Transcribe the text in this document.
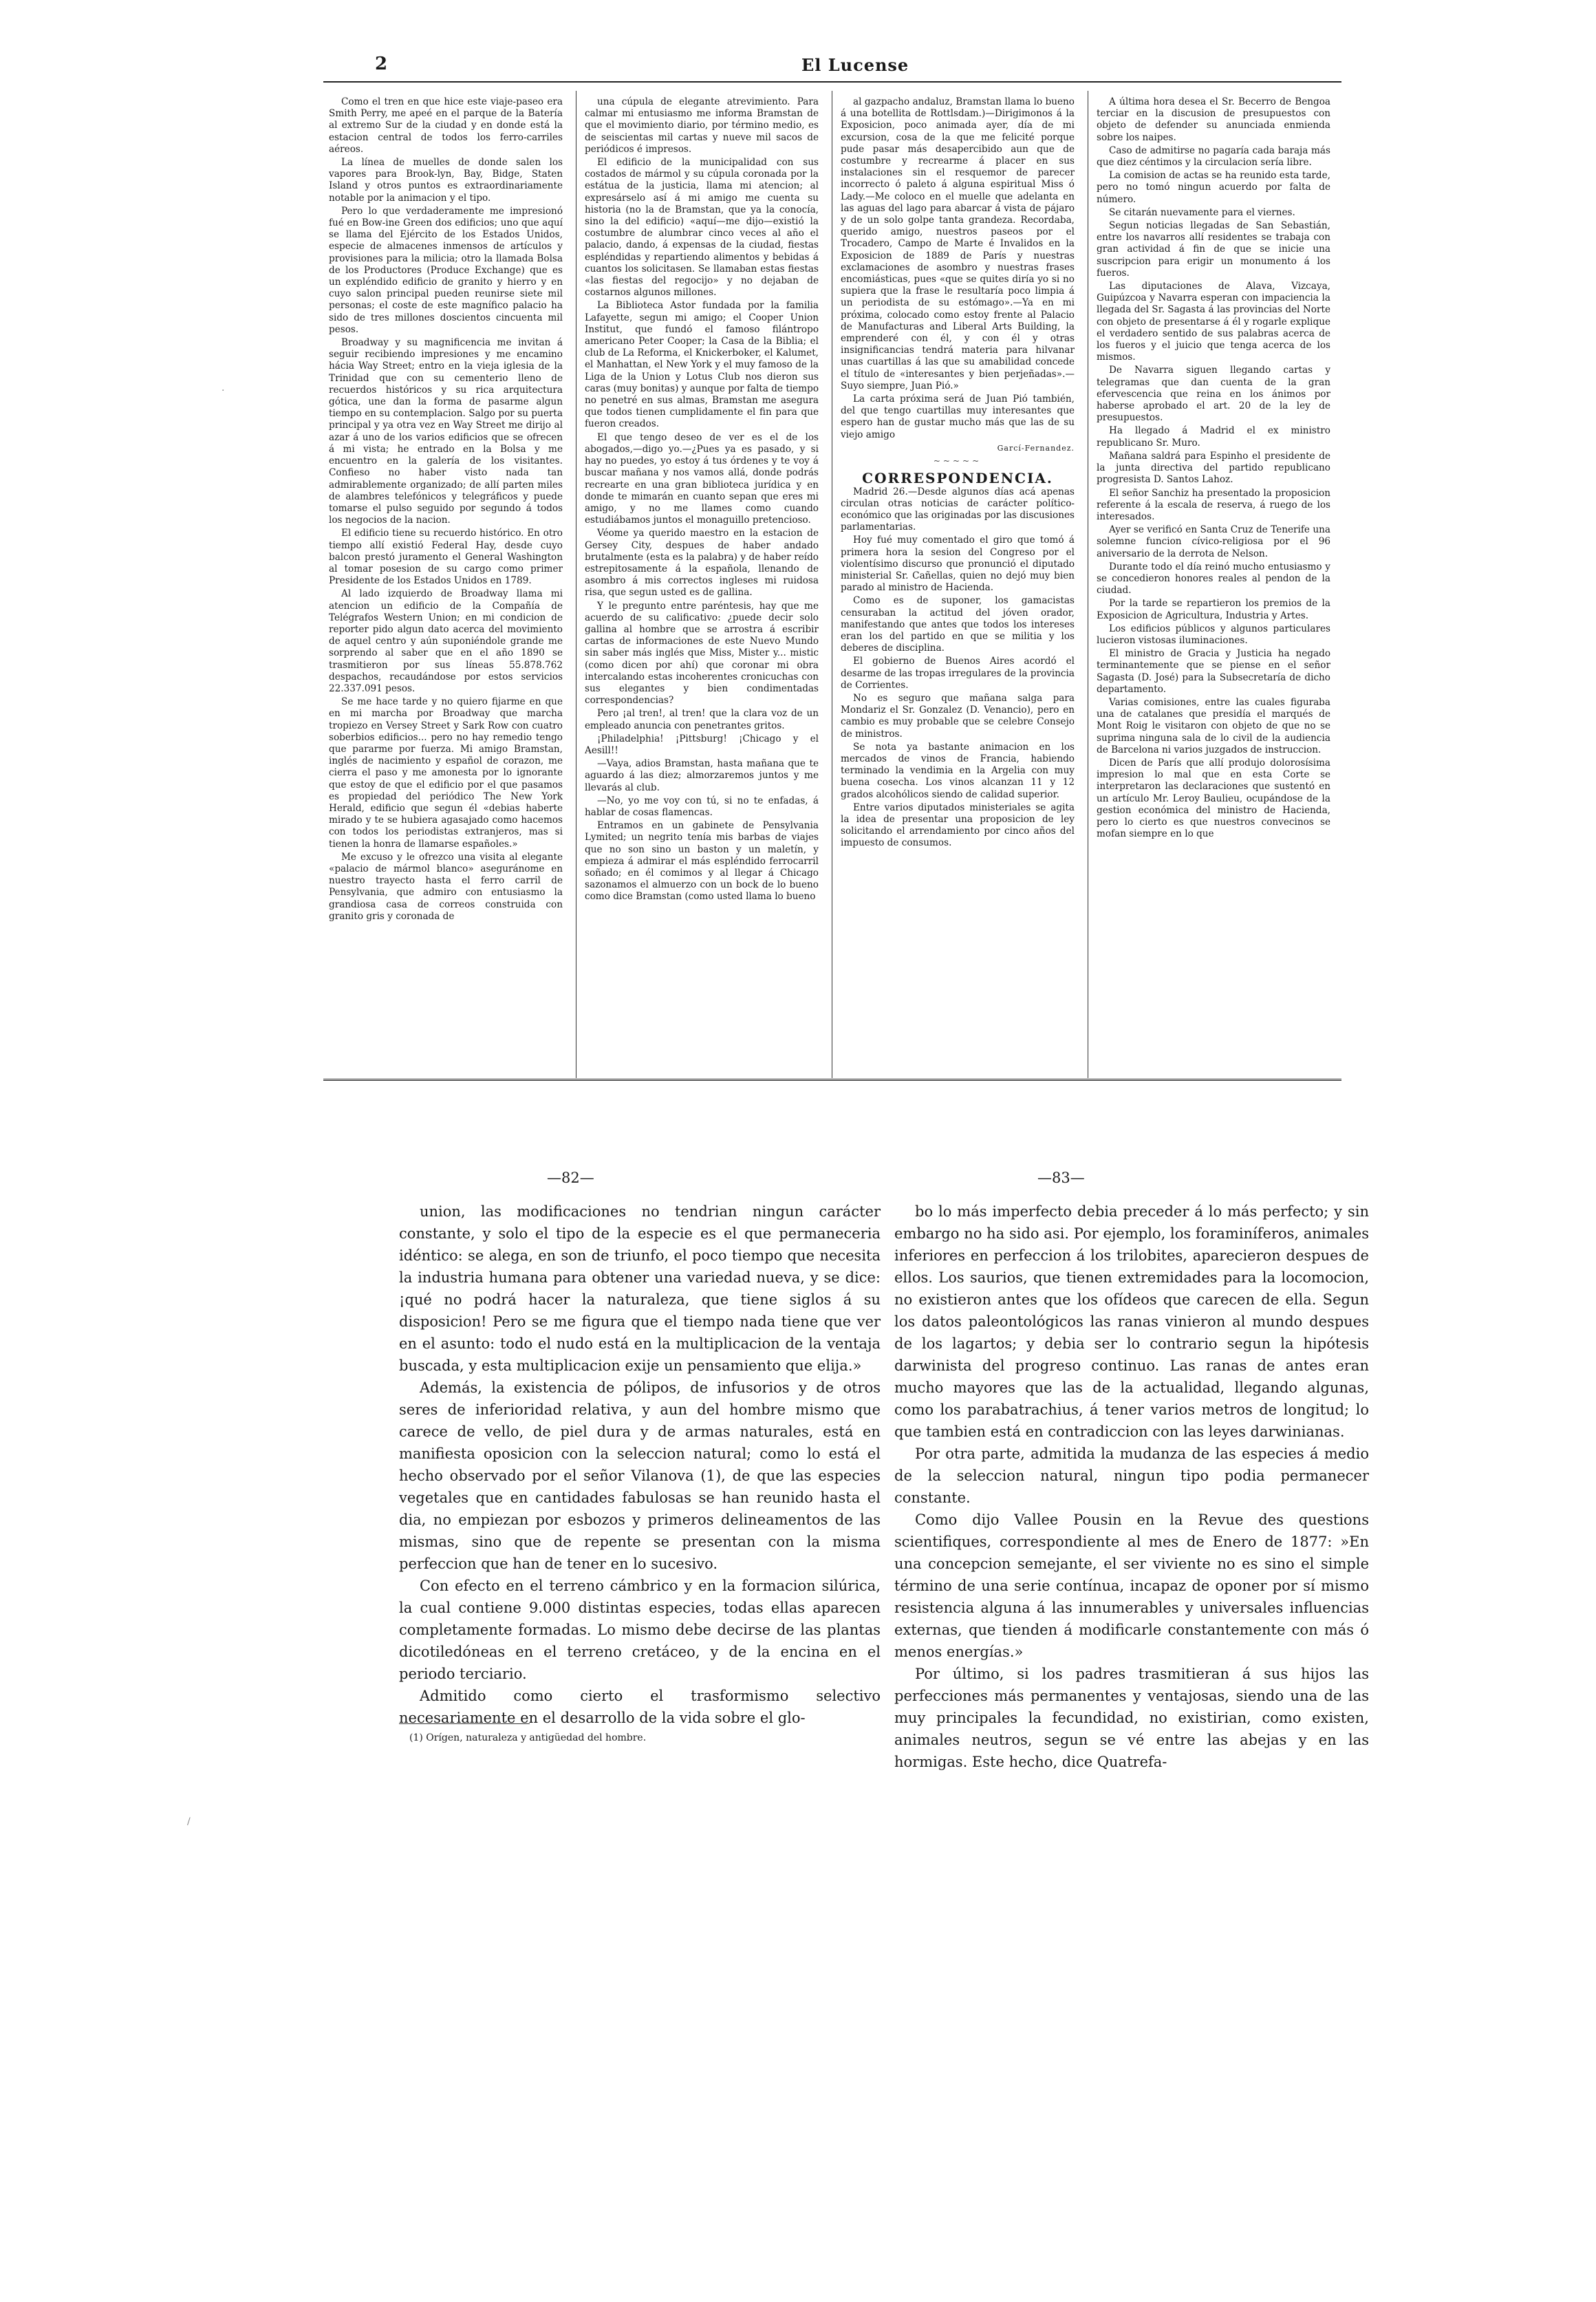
2	El Lucense

Como el tren en que hice este viaje-paseo era Smith Perry, me apeé en el parque de la Batería al extremo Sur de la ciudad y en donde está la estacion central de todos los ferro-carriles aéreos.

La línea de muelles de donde salen los vapores para Brook-lyn, Bay, Bidge, Staten Island y otros puntos es extraordinariamente notable por la animacion y el tipo.

Pero lo que verdaderamente me impresionó fué en Bow-ine Green dos edificios; uno que aquí se llama del Ejército de los Estados Unidos, especie de almacenes inmensos de artículos y provisiones para la milicia; otro la llamada Bolsa de los Productores (Produce Exchange) que es un expléndido edificio de granito y hierro y en cuyo salon principal pueden reunirse siete mil personas; el coste de este magnífico palacio ha sido de tres millones doscientos cincuenta mil pesos.

Broadway y su magnificencia me invitan á seguir recibiendo impresiones y me encamino hácia Way Street; entro en la vieja iglesia de la Trinidad que con su cementerio lleno de recuerdos históricos y su rica arquitectura gótica, une dan la forma de pasarme algun tiempo en su contemplacion. Salgo por su puerta principal y ya otra vez en Way Street me dirijo al azar á uno de los varios edificios que se ofrecen á mi vista; he entrado en la Bolsa y me encuentro en la galería de los visitantes. Confieso no haber visto nada tan admirablemente organizado; de allí parten miles de alambres telefónicos y telegráficos y puede tomarse el pulso seguido por segundo á todos los negocios de la nacion.

El edificio tiene su recuerdo histórico. En otro tiempo allí existió Federal Hay, desde cuyo balcon prestó juramento el General Washington al tomar posesion de su cargo como primer Presidente de los Estados Unidos en 1789.

Al lado izquierdo de Broadway llama mi atencion un edificio de la Compañía de Telégrafos Western Union; en mi condicion de reporter pido algun dato acerca del movimiento de aquel centro y aún suponiéndole grande me sorprendo al saber que en el año 1890 se trasmitieron por sus líneas 55.878.762 despachos, recaudándose por estos servicios 22.337.091 pesos.

Se me hace tarde y no quiero fijarme en que en mi marcha por Broadway que marcha tropiezo en Versey Street y Sark Row con cuatro soberbios edificios... pero no hay remedio tengo que pararme por fuerza. Mi amigo Bramstan, inglés de nacimiento y español de corazon, me cierra el paso y me amonesta por lo ignorante que estoy de que el edificio por el que pasamos es propiedad del periódico The New York Herald, edificio que segun él «debias haberte mirado y te se hubiera agasajado como hacemos con todos los periodistas extranjeros, mas si tienen la honra de llamarse españoles.»

Me excuso y le ofrezco una visita al elegante «palacio de mármol blanco» aseguránome en nuestro trayecto hasta el ferro carril de Pensylvania, que admiro con entusiasmo la grandiosa casa de correos construida con granito gris y coronada de

una cúpula de elegante atrevimiento. Para calmar mi entusiasmo me informa Bramstan de que el movimiento diario, por término medio, es de seiscientas mil cartas y nueve mil sacos de periódicos é impresos.

El edificio de la municipalidad con sus costados de mármol y su cúpula coronada por la estátua de la justicia, llama mi atencion; al expresárselo así á mi amigo me cuenta su historia (no la de Bramstan, que ya la conocía, sino la del edificio) «aquí—me dijo—existió la costumbre de alumbrar cinco veces al año el palacio, dando, á expensas de la ciudad, fiestas espléndidas y repartiendo alimentos y bebidas á cuantos los solicitasen. Se llamaban estas fiestas «las fiestas del regocijo» y no dejaban de costarnos algunos millones.

La Biblioteca Astor fundada por la familia Lafayette, segun mi amigo; el Cooper Union Institut, que fundó el famoso filántropo americano Peter Cooper; la Casa de la Biblia; el club de La Reforma, el Knickerboker, el Kalumet, el Manhattan, el New York y el muy famoso de la Liga de la Union y Lotus Club nos dieron sus caras (muy bonitas) y aunque por falta de tiempo no penetré en sus almas, Bramstan me asegura que todos tienen cumplidamente el fin para que fueron creados.

El que tengo deseo de ver es el de los abogados,—digo yo.—¿Pues ya es pasado, y si hay no puedes, yo estoy á tus órdenes y te voy á buscar mañana y nos vamos allá, donde podrás recrearte en una gran biblioteca jurídica y en donde te mimarán en cuanto sepan que eres mi amigo, y no me llames como cuando estudiábamos juntos el monaguillo pretencioso.

Véome ya querido maestro en la estacion de Gersey City, despues de haber andado brutalmente (esta es la palabra) y de haber reído estrepitosamente á la española, llenando de asombro á mis correctos ingleses mi ruidosa risa, que segun usted es de gallina.

Y le pregunto entre paréntesis, hay que me acuerdo de su calificativo: ¿puede decir solo gallina al hombre que se arrostra á escribir cartas de informaciones de este Nuevo Mundo sin saber más inglés que Miss, Mister y... mistic (como dicen por ahí) que coronar mi obra intercalando estas incoherentes cronicuchas con sus elegantes y bien condimentadas correspondencias?

Pero ¡al tren!, al tren! que la clara voz de un empleado anuncia con penetrantes gritos.

¡Philadelphia! ¡Pittsburg! ¡Chicago y el Aesill!!

—Vaya, adios Bramstan, hasta mañana que te aguardo á las diez; almorzaremos juntos y me llevarás al club.

—No, yo me voy con tú, si no te enfadas, á hablar de cosas flamencas.

Entramos en un gabinete de Pensylvania Lymited; un negrito tenía mis barbas de viajes que no son sino un baston y un maletín, y empieza á admirar el más espléndido ferrocarril soñado; en él comimos y al llegar á Chicago sazonamos el almuerzo con un bock de lo bueno como dice Bramstan (como usted llama lo bueno

al gazpacho andaluz, Bramstan llama lo bueno á una botellita de Rottlsdam.)—Dirigimonos á la Exposicion, poco animada ayer, día de mi excursion, cosa de la que me felicité porque pude pasar más desapercibido aun que de costumbre y recrearme á placer en sus instalaciones sin el resquemor de parecer incorrecto ó paleto á alguna espiritual Miss ó Lady.—Me coloco en el muelle que adelanta en las aguas del lago para abarcar á vista de pájaro y de un solo golpe tanta grandeza. Recordaba, querido amigo, nuestros paseos por el Trocadero, Campo de Marte é Invalidos en la Exposicion de 1889 de París y nuestras exclamaciones de asombro y nuestras frases encomiásticas, pues «que se quites diría yo si no supiera que la frase le resultaría poco limpia á un periodista de su estómago».—Ya en mi próxima, colocado como estoy frente al Palacio de Manufacturas and Liberal Arts Building, la emprenderé con él, y con él y otras insignificancias tendrá materia para hilvanar unas cuartillas á las que su amabilidad concede el título de «interesantes y bien perjeñadas».—Suyo siempre, Juan Pió.»

La carta próxima será de Juan Pió también, del que tengo cuartillas muy interesantes que espero han de gustar mucho más que las de su viejo amigo

Garcí-Fernandez.

~~~~~

CORRESPONDENCIA.

Madrid 26.—Desde algunos días acá apenas circulan otras noticias de carácter político-económico que las originadas por las discusiones parlamentarias.

Hoy fué muy comentado el giro que tomó á primera hora la sesion del Congreso por el violentísimo discurso que pronunció el diputado ministerial Sr. Cañellas, quien no dejó muy bien parado al ministro de Hacienda.

Como es de suponer, los gamacistas censuraban la actitud del jóven orador, manifestando que antes que todos los intereses eran los del partido en que se militia y los deberes de disciplina.

El gobierno de Buenos Aires acordó el desarme de las tropas irregulares de la provincia de Corrientes.

No es seguro que mañana salga para Mondariz el Sr. Gonzalez (D. Venancio), pero en cambio es muy probable que se celebre Consejo de ministros.

Se nota ya bastante animacion en los mercados de vinos de Francia, habiendo terminado la vendimia en la Argelia con muy buena cosecha. Los vinos alcanzan 11 y 12 grados alcohólicos siendo de calidad superior.

Entre varios diputados ministeriales se agita la idea de presentar una proposicion de ley solicitando el arrendamiento por cinco años del impuesto de consumos.

A última hora desea el Sr. Becerro de Bengoa terciar en la discusion de presupuestos con objeto de defender su anunciada enmienda sobre los naipes.

Caso de admitirse no pagaría cada baraja más que diez céntimos y la circulacion sería libre.

La comision de actas se ha reunido esta tarde, pero no tomó ningun acuerdo por falta de número.

Se citarán nuevamente para el viernes.

Segun noticias llegadas de San Sebastián, entre los navarros allí residentes se trabaja con gran actividad á fin de que se inicie una suscripcion para erigir un monumento á los fueros.

Las diputaciones de Alava, Vizcaya, Guipúzcoa y Navarra esperan con impaciencia la llegada del Sr. Sagasta á las provincias del Norte con objeto de presentarse á él y rogarle explique el verdadero sentido de sus palabras acerca de los fueros y el juicio que tenga acerca de los mismos.

De Navarra siguen llegando cartas y telegramas que dan cuenta de la gran efervescencia que reina en los ánimos por haberse aprobado el art. 20 de la ley de presupuestos.

Ha llegado á Madrid el ex ministro republicano Sr. Muro.

Mañana saldrá para Espinho el presidente de la junta directiva del partido republicano progresista D. Santos Lahoz.

El señor Sanchiz ha presentado la proposicion referente á la escala de reserva, á ruego de los interesados.

Ayer se verificó en Santa Cruz de Tenerife una solemne funcion cívico-religiosa por el 96 aniversario de la derrota de Nelson.

Durante todo el día reinó mucho entusiasmo y se concedieron honores reales al pendon de la ciudad.

Por la tarde se repartieron los premios de la Exposicion de Agricultura, Industria y Artes.

Los edificios públicos y algunos particulares lucieron vistosas iluminaciones.

El ministro de Gracia y Justicia ha negado terminantemente que se piense en el señor Sagasta (D. José) para la Subsecretaría de dicho departamento.

Varias comisiones, entre las cuales figuraba una de catalanes que presidía el marqués de Mont Roig le visitaron con objeto de que no se suprima ninguna sala de lo civil de la audiencia de Barcelona ni varios juzgados de instruccion.

Dicen de París que allí produjo dolorosísima impresion lo mal que en esta Corte se interpretaron las declaraciones que sustentó en un artículo Mr. Leroy Baulieu, ocupándose de la gestion económica del ministro de Hacienda, pero lo cierto es que nuestros convecinos se mofan siempre en lo que

—82—	—83—

union, las modificaciones no tendrian ningun carácter constante, y solo el tipo de la especie es el que permaneceria idéntico: se alega, en son de triunfo, el poco tiempo que necesita la industria humana para obtener una variedad nueva, y se dice: ¡qué no podrá hacer la naturaleza, que tiene siglos á su disposicion! Pero se me figura que el tiempo nada tiene que ver en el asunto: todo el nudo está en la multiplicacion de la ventaja buscada, y esta multiplicacion exije un pensamiento que elija.»

Además, la existencia de pólipos, de infusorios y de otros seres de inferioridad relativa, y aun del hombre mismo que carece de vello, de piel dura y de armas naturales, está en manifiesta oposicion con la seleccion natural; como lo está el hecho observado por el señor Vilanova (1), de que las especies vegetales que en cantidades fabulosas se han reunido hasta el dia, no empiezan por esbozos y primeros delineamentos de las mismas, sino que de repente se presentan con la misma perfeccion que han de tener en lo sucesivo.

Con efecto en el terreno cámbrico y en la formacion silúrica, la cual contiene 9.000 distintas especies, todas ellas aparecen completamente formadas. Lo mismo debe decirse de las plantas dicotiledóneas en el terreno cretáceo, y de la encina en el periodo terciario.

Admitido como cierto el trasformismo selectivo necesariamente en el desarrollo de la vida sobre el glo-

bo lo más imperfecto debia preceder á lo más perfecto; y sin embargo no ha sido asi. Por ejemplo, los foraminíferos, animales inferiores en perfeccion á los trilobites, aparecieron despues de ellos. Los saurios, que tienen extremidades para la locomocion, no existieron antes que los ofídeos que carecen de ella. Segun los datos paleontológicos las ranas vinieron al mundo despues de los lagartos; y debia ser lo contrario segun la hipótesis darwinista del progreso continuo. Las ranas de antes eran mucho mayores que las de la actualidad, llegando algunas, como los parabatrachius, á tener varios metros de longitud; lo que tambien está en contradiccion con las leyes darwinianas.

Por otra parte, admitida la mudanza de las especies á medio de la seleccion natural, ningun tipo podia permanecer constante.

Como dijo Vallee Pousin en la Revue des questions scientifiques, correspondiente al mes de Enero de 1877: »En una concepcion semejante, el ser viviente no es sino el simple término de una serie contínua, incapaz de oponer por sí mismo resistencia alguna á las innumerables y universales influencias externas, que tienden á modificarle constantemente con más ó menos energías.»

Por último, si los padres trasmitieran á sus hijos las perfecciones más permanentes y ventajosas, siendo una de las muy principales la fecundidad, no existirian, como existen, animales neutros, segun se vé entre las abejas y en las hormigas. Este hecho, dice Quatrefa-

(1) Orígen, naturaleza y antigüedad del hombre.
·
/
